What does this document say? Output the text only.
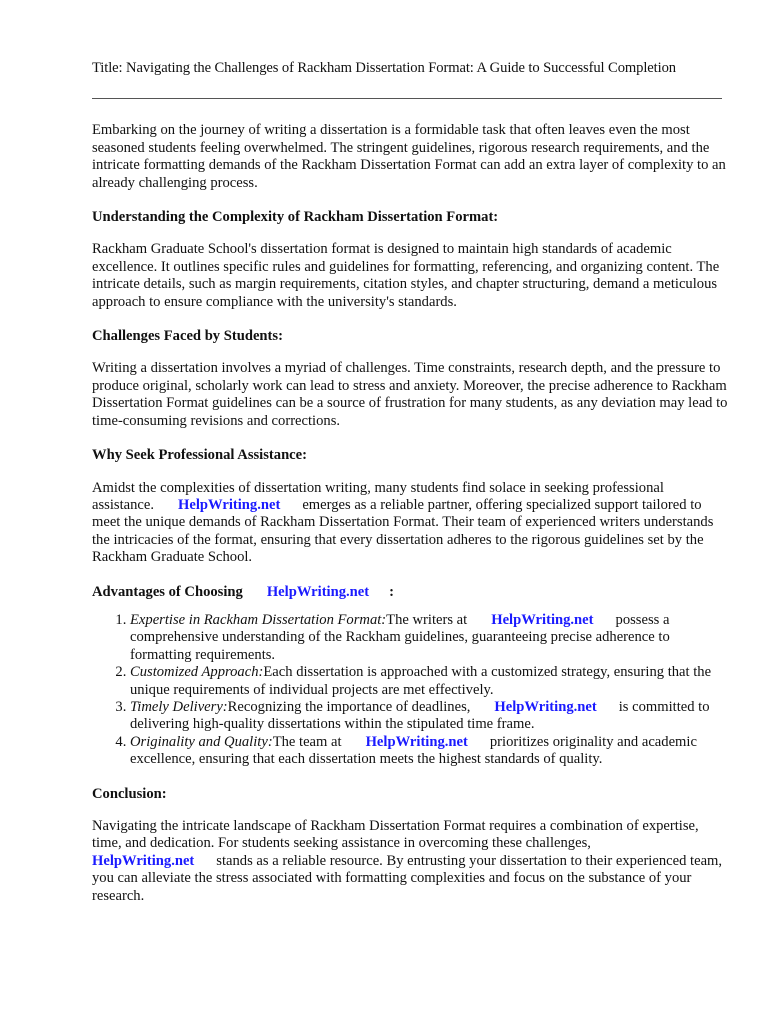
Title: Navigating the Challenges of Rackham Dissertation Format: A Guide to Successful Completion

Embarking on the journey of writing a dissertation is a formidable task that often leaves even the most seasoned students feeling overwhelmed. The stringent guidelines, rigorous research requirements, and the intricate formatting demands of the Rackham Dissertation Format can add an extra layer of complexity to an already challenging process.

Understanding the Complexity of Rackham Dissertation Format:

Rackham Graduate School's dissertation format is designed to maintain high standards of academic excellence. It outlines specific rules and guidelines for formatting, referencing, and organizing content. The intricate details, such as margin requirements, citation styles, and chapter structuring, demand a meticulous approach to ensure compliance with the university's standards.

Challenges Faced by Students:

Writing a dissertation involves a myriad of challenges. Time constraints, research depth, and the pressure to produce original, scholarly work can lead to stress and anxiety. Moreover, the precise adherence to Rackham Dissertation Format guidelines can be a source of frustration for many students, as any deviation may lead to time-consuming revisions and corrections.

Why Seek Professional Assistance:

Amidst the complexities of dissertation writing, many students find solace in seeking professional assistance. HelpWriting.net emerges as a reliable partner, offering specialized support tailored to meet the unique demands of Rackham Dissertation Format. Their team of experienced writers understands the intricacies of the format, ensuring that every dissertation adheres to the rigorous guidelines set by the Rackham Graduate School.

Advantages of Choosing HelpWriting.net :
1. Expertise in Rackham Dissertation Format:The writers at HelpWriting.net possess a comprehensive understanding of the Rackham guidelines, guaranteeing precise adherence to formatting requirements.
2. Customized Approach:Each dissertation is approached with a customized strategy, ensuring that the unique requirements of individual projects are met effectively.
3. Timely Delivery:Recognizing the importance of deadlines, HelpWriting.net is committed to delivering high-quality dissertations within the stipulated time frame.
4. Originality and Quality:The team at HelpWriting.net prioritizes originality and academic excellence, ensuring that each dissertation meets the highest standards of quality.
Conclusion:

Navigating the intricate landscape of Rackham Dissertation Format requires a combination of expertise, time, and dedication. For students seeking assistance in overcoming these challenges,
HelpWriting.net stands as a reliable resource. By entrusting your dissertation to their experienced team, you can alleviate the stress associated with formatting complexities and focus on the substance of your research.
